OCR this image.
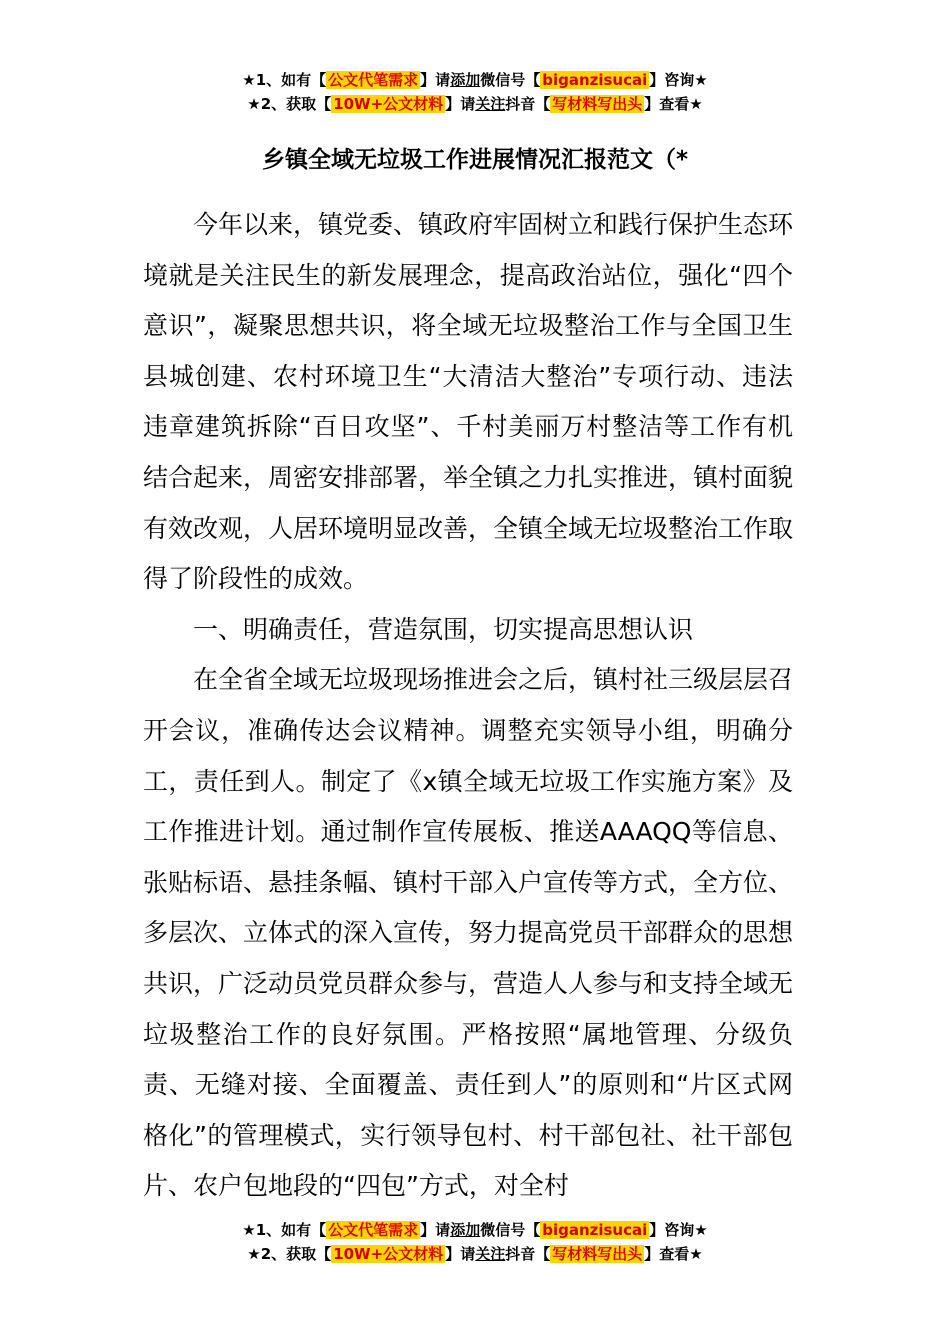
★1、如有【 公文代笔需求 】请添加微信号【 biganzisucai 】咨询★
★2、获取【 10W+公文材料 】请关注抖音【 写材料写出头 】查看★
乡镇全域无垃圾工作进展情况汇报范文（*

今年以来，镇党委、镇政府牢固树立和践行保护生态环境就是关注民生的新发展理念，提高政治站位，强化“四个意识”，凝聚思想共识，将全域无垃圾整治工作与全国卫生县城创建、农村环境卫生“大清洁大整治”专项行动、违法违章建筑拆除“百日攻坚”、千村美丽万村整洁等工作有机结合起来，周密安排部署，举全镇之力扎实推进，镇村面貌有效改观，人居环境明显改善，全镇全域无垃圾整治工作取得了阶段性的成效。

一、明确责任，营造氛围，切实提高思想认识

在全省全域无垃圾现场推进会之后，镇村社三级层层召开会议，准确传达会议精神。调整充实领导小组，明确分工，责任到人。制定了《x镇全域无垃圾工作实施方案》及工作推进计划。通过制作宣传展板、推送AAAQQ等信息、张贴标语、悬挂条幅、镇村干部入户宣传等方式，全方位、多层次、立体式的深入宣传，努力提高党员干部群众的思想共识，广泛动员党员群众参与，营造人人参与和支持全域无垃圾整治工作的良好氛围。严格按照“属地管理、分级负责、无缝对接、全面覆盖、责任到人”的原则和“片区式网格化”的管理模式，实行领导包村、村干部包社、社干部包片、农户包地段的“四包”方式，对全村

★1、如有【 公文代笔需求 】请添加微信号【 biganzisucai 】咨询★
★2、获取【 10W+公文材料 】请关注抖音【 写材料写出头 】查看★
